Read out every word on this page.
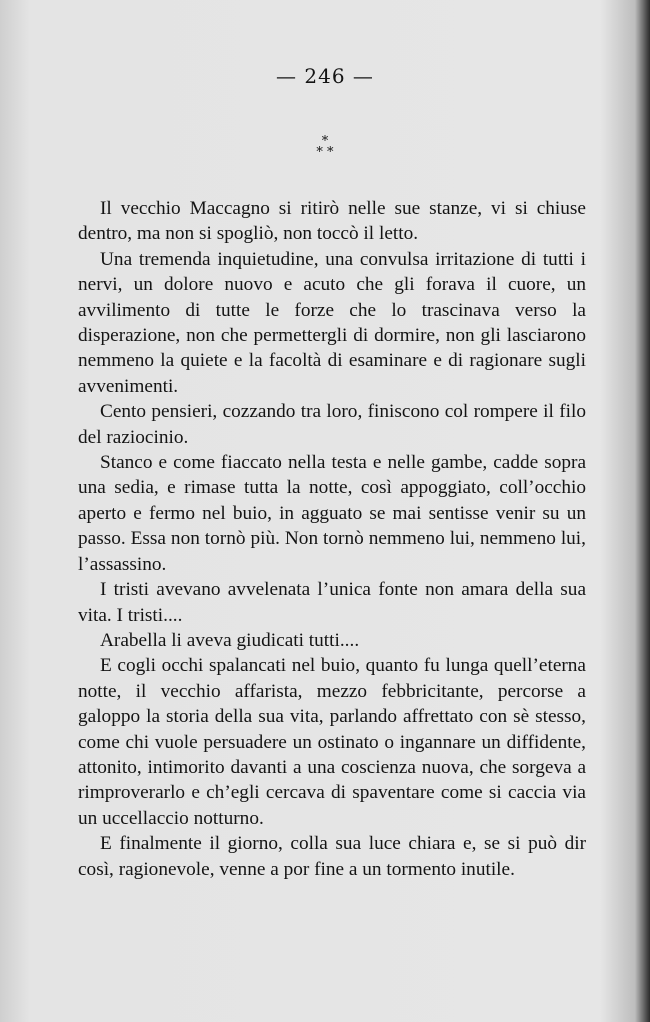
— 246 —
*
* *

Il vecchio Maccagno si ritirò nelle sue stanze, vi si chiuse dentro, ma non si spogliò, non toccò il letto.

Una tremenda inquietudine, una convulsa irritazione di tutti i nervi, un dolore nuovo e acuto che gli forava il cuore, un avvilimento di tutte le forze che lo trascinava verso la disperazione, non che permettergli di dormire, non gli lasciarono nemmeno la quiete e la facoltà di esaminare e di ragionare sugli avvenimenti.

Cento pensieri, cozzando tra loro, finiscono col rompere il filo del raziocinio.

Stanco e come fiaccato nella testa e nelle gambe, cadde sopra una sedia, e rimase tutta la notte, così appoggiato, coll’occhio aperto e fermo nel buio, in agguato se mai sentisse venir su un passo. Essa non tornò più. Non tornò nemmeno lui, nemmeno lui, l’assassino.

I tristi avevano avvelenata l’unica fonte non amara della sua vita. I tristi....

Arabella li aveva giudicati tutti....

E cogli occhi spalancati nel buio, quanto fu lunga quell’eterna notte, il vecchio affarista, mezzo febbricitante, percorse a galoppo la storia della sua vita, parlando affrettato con sè stesso, come chi vuole persuadere un ostinato o ingannare un diffidente, attonito, intimorito davanti a una coscienza nuova, che sorgeva a rimproverarlo e ch’egli cercava di spaventare come si caccia via un uccellaccio notturno.

E finalmente il giorno, colla sua luce chiara e, se si può dir così, ragionevole, venne a por fine a un tormento inutile.
